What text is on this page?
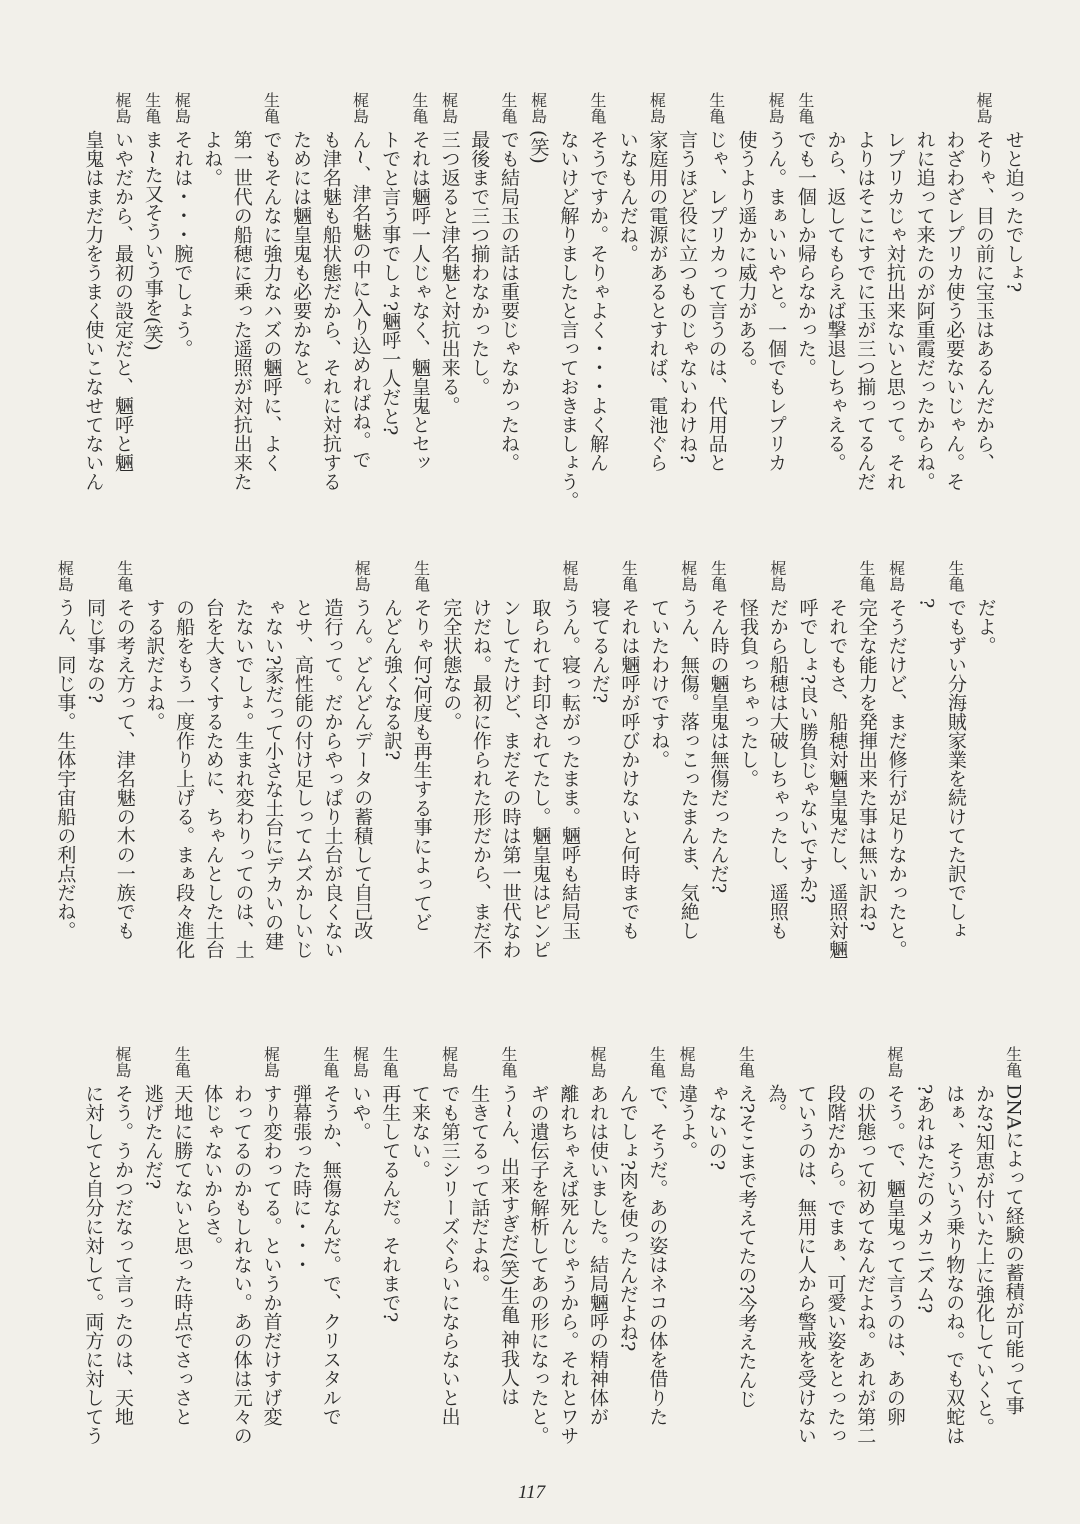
せと迫ったでしょ?
梶島
そりゃ、目の前に宝玉はあるんだから、
わざわざレプリカ使う必要ないじゃん。そ
れに追って来たのが阿重霞だったからね。
レプリカじゃ対抗出来ないと思って。それ
よりはそこにすでに玉が三つ揃ってるんだ
から、返してもらえば撃退しちゃえる。
生亀
でも一個しか帰らなかった。
梶島
うん。まぁいいやと。一個でもレプリカ
使うより遥かに威力がある。
生亀
じゃ、レプリカって言うのは、代用品と
言うほど役に立つものじゃないわけね?
梶島
家庭用の電源があるとすれば、電池ぐら
いなもんだね。
生亀
そうですか。そりゃよく・・・よく解ん
ないけど解りましたと言っておきましょう。
梶島
(笑)
生亀
でも結局玉の話は重要じゃなかったね。
最後まで三つ揃わなかったし。
梶島
三つ返ると津名魅と対抗出来る。
生亀
それは魎呼一人じゃなく、魎皇鬼とセッ
トでと言う事でしょ?魎呼一人だと?
梶島
ん~、津名魅の中に入り込めればね。で
も津名魅も船状態だから、それに対抗する
ためには魎皇鬼も必要かなと。
生亀
でもそんなに強力なハズの魎呼に、よく
第一世代の船穂に乗った遥照が対抗出来た
よね。
梶島
それは・・・腕でしょう。
生亀
ま~た又そういう事を(笑)
梶島
いやだから、最初の設定だと、魎呼と魎
皇鬼はまだ力をうまく使いこなせてないん
だよ。
生亀
でもずい分海賊家業を続けてた訳でしょ
?
梶島
そうだけど、まだ修行が足りなかったと。
生亀
完全な能力を発揮出来た事は無い訳ね?
それでもさ、船穂対魎皇鬼だし、遥照対魎
呼でしょ?良い勝負じゃないですか?
梶島
だから船穂は大破しちゃったし、遥照も
怪我負っちゃったし。
生亀
そん時の魎皇鬼は無傷だったんだ?
梶島
うん、無傷。落っこったまんま、気絶し
ていたわけですね。
生亀
それは魎呼が呼びかけないと何時までも
寝てるんだ?
梶島
うん。寝っ転がったまま。魎呼も結局玉
取られて封印されてたし。魎皇鬼はピンピ
ンしてたけど、まだその時は第一世代なわ
けだね。最初に作られた形だから、まだ不
完全状態なの。
生亀
そりゃ何?何度も再生する事によってど
んどん強くなる訳?
梶島
うん。どんどんデータの蓄積して自己改
造行って。だからやっぱり土台が良くない
とサ、高性能の付け足しってムズかしいじ
ゃない?家だって小さな土台にデカいの建
たないでしょ。生まれ変わりってのは、土
台を大きくするために、ちゃんとした土台
の船をもう一度作り上げる。まぁ段々進化
する訳だよね。
生亀
その考え方って、津名魅の木の一族でも
同じ事なの?
梶島
うん、同じ事。生体宇宙船の利点だね。
生亀
DNAによって経験の蓄積が可能って事
かな?知恵が付いた上に強化していくと。
はぁ、そういう乗り物なのね。でも双蛇は
?あれはただのメカニズム?
梶島
そう。で、魎皇鬼って言うのは、あの卵
の状態って初めてなんだよね。あれが第二
段階だから。でまぁ、可愛い姿をとったっ
ていうのは、無用に人から警戒を受けない
為。
生亀
え?そこまで考えてたの?今考えたんじ
ゃないの?
梶島
違うよ。
生亀
で、そうだ。あの姿はネコの体を借りた
んでしょ?肉を使ったんだよね?
梶島
あれは使いました。結局魎呼の精神体が
離れちゃえば死んじゃうから。それとワサ
ギの遺伝子を解析してあの形になったと。
生亀
う~ん、出来すぎだ(笑)生亀 神我人は
生きてるって話だよね。
梶島
でも第三シリーズぐらいにならないと出
て来ない。
生亀
再生してるんだ。それまで?
梶島
いや。
生亀
そうか、無傷なんだ。で、クリスタルで
弾幕張った時に・・・
梶島
すり変わってる。というか首だけすげ変
わってるのかもしれない。あの体は元々の
体じゃないからさ。
生亀
天地に勝てないと思った時点でさっさと
逃げたんだ?
梶島
そう。うかつだなって言ったのは、天地
に対してと自分に対して。両方に対してう
117
